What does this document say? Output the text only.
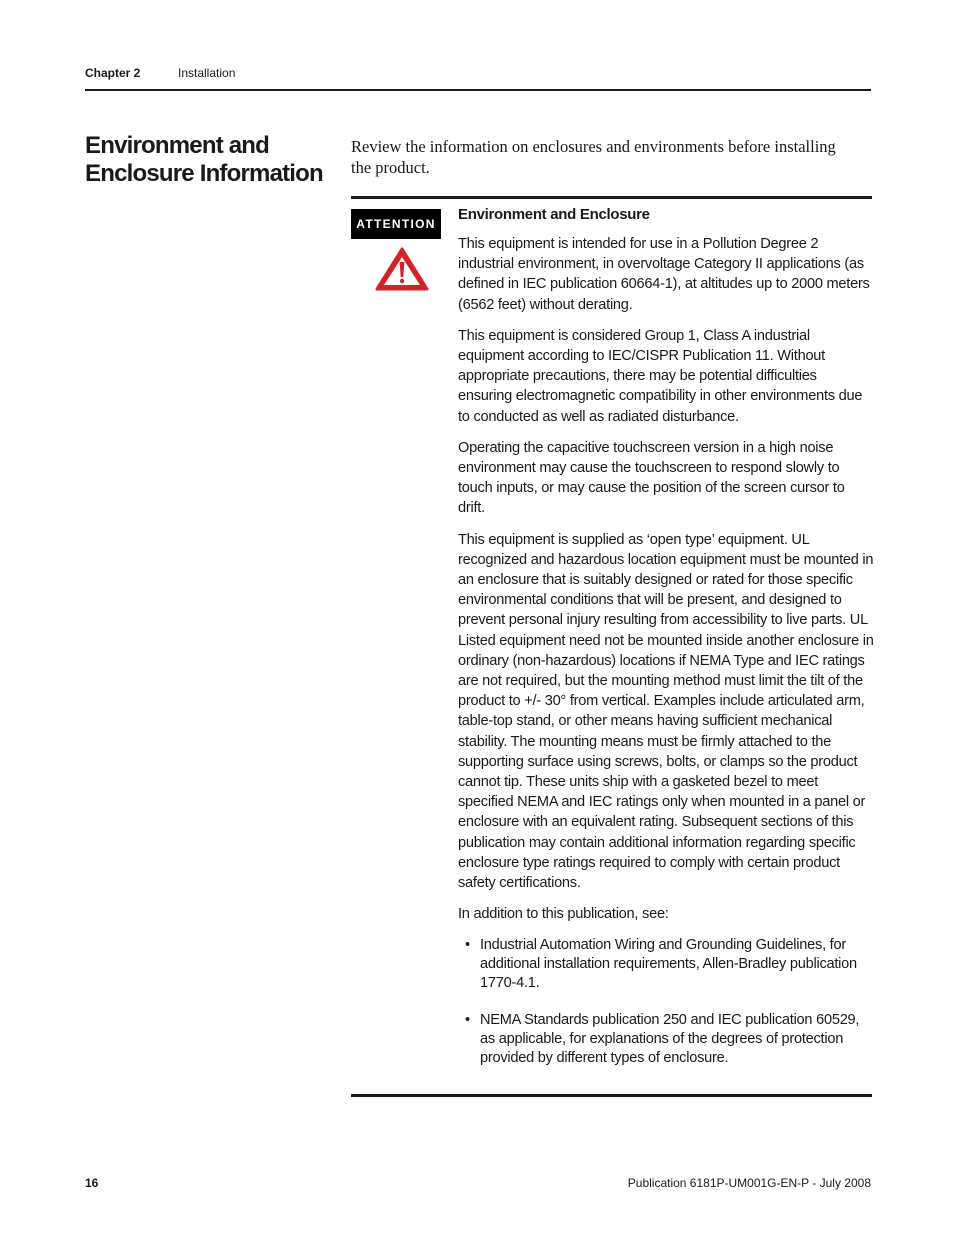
Chapter 2	Installation
Environment and Enclosure Information
Review the information on enclosures and environments before installing the product.
ATTENTION
Environment and Enclosure

This equipment is intended for use in a Pollution Degree 2 industrial environment, in overvoltage Category II applications (as defined in IEC publication 60664-1), at altitudes up to 2000 meters (6562 feet) without derating.

This equipment is considered Group 1, Class A industrial equipment according to IEC/CISPR Publication 11. Without appropriate precautions, there may be potential difficulties ensuring electromagnetic compatibility in other environments due to conducted as well as radiated disturbance.

Operating the capacitive touchscreen version in a high noise environment may cause the touchscreen to respond slowly to touch inputs, or may cause the position of the screen cursor to drift.

This equipment is supplied as ‘open type’ equipment. UL recognized and hazardous location equipment must be mounted in an enclosure that is suitably designed or rated for those specific environmental conditions that will be present, and designed to prevent personal injury resulting from accessibility to live parts. UL Listed equipment need not be mounted inside another enclosure in ordinary (non-hazardous) locations if NEMA Type and IEC ratings are not required, but the mounting method must limit the tilt of the product to +/- 30° from vertical. Examples include articulated arm, table-top stand, or other means having sufficient mechanical stability. The mounting means must be firmly attached to the supporting surface using screws, bolts, or clamps so the product cannot tip. These units ship with a gasketed bezel to meet specified NEMA and IEC ratings only when mounted in a panel or enclosure with an equivalent rating. Subsequent sections of this publication may contain additional information regarding specific enclosure type ratings required to comply with certain product safety certifications.

In addition to this publication, see:

• Industrial Automation Wiring and Grounding Guidelines, for additional installation requirements, Allen-Bradley publication 1770-4.1.
• NEMA Standards publication 250 and IEC publication 60529, as applicable, for explanations of the degrees of protection provided by different types of enclosure.
16	Publication 6181P-UM001G-EN-P - July 2008
